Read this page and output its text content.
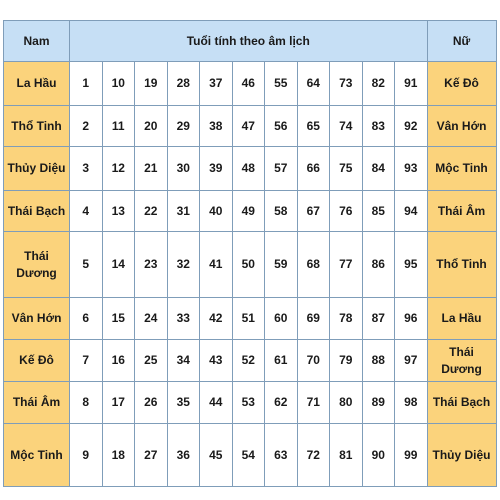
Nam	Tuổi tính theo âm lịch											Nữ
La Hầu	1	10	19	28	37	46	55	64	73	82	91	Kế Đô
Thổ Tinh	2	11	20	29	38	47	56	65	74	83	92	Vân Hớn
Thủy Diệu	3	12	21	30	39	48	57	66	75	84	93	Mộc Tinh
Thái Bạch	4	13	22	31	40	49	58	67	76	85	94	Thái Âm
Thái Dương	5	14	23	32	41	50	59	68	77	86	95	Thổ Tinh
Vân Hớn	6	15	24	33	42	51	60	69	78	87	96	La Hầu
Kế Đô	7	16	25	34	43	52	61	70	79	88	97	Thái Dương
Thái Âm	8	17	26	35	44	53	62	71	80	89	98	Thái Bạch
Mộc Tinh	9	18	27	36	45	54	63	72	81	90	99	Thủy Diệu
